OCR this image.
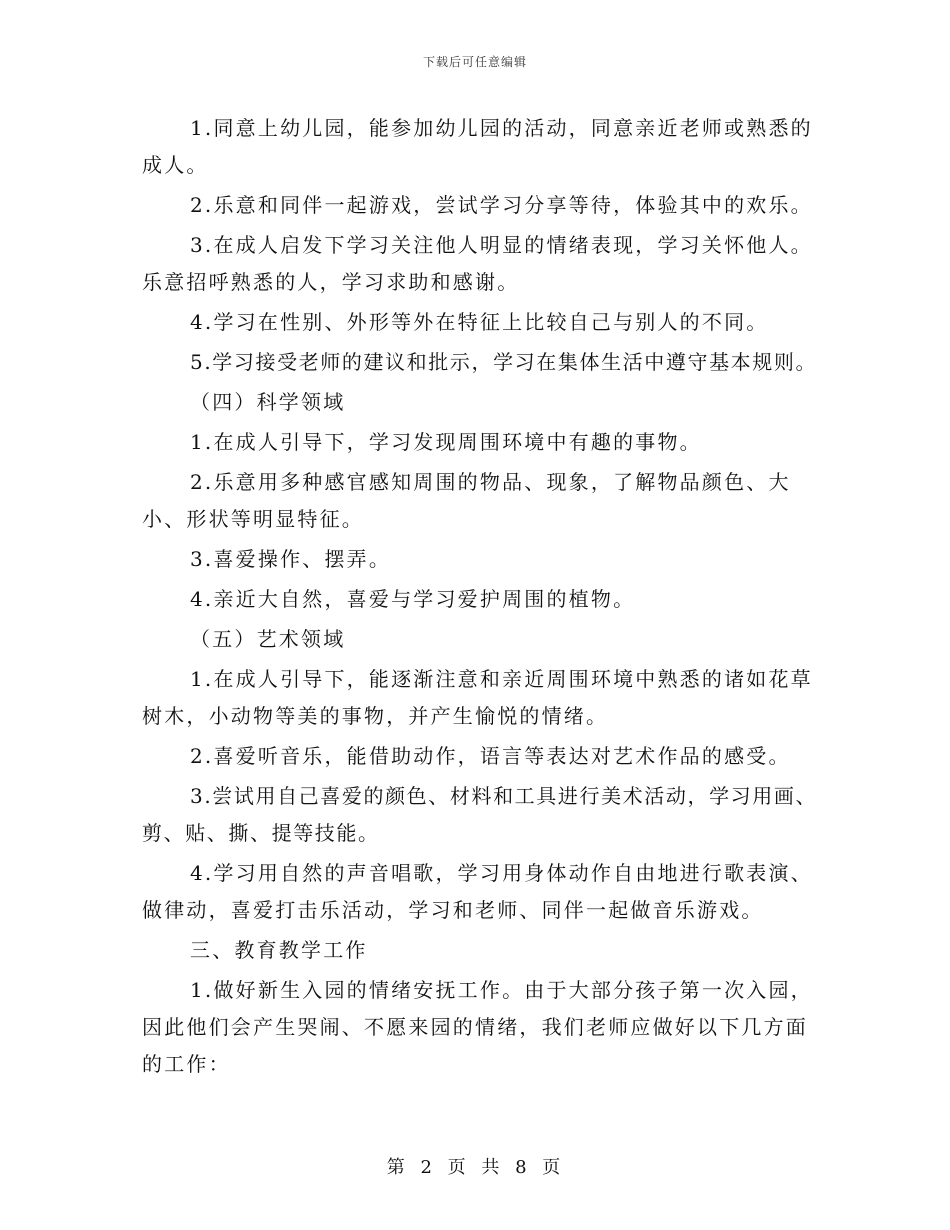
下载后可任意编辑

1.同意上幼儿园，能参加幼儿园的活动，同意亲近老师或熟悉的成人。

2.乐意和同伴一起游戏，尝试学习分享等待，体验其中的欢乐。

3.在成人启发下学习关注他人明显的情绪表现，学习关怀他人。乐意招呼熟悉的人，学习求助和感谢。

4.学习在性别、外形等外在特征上比较自己与别人的不同。

5.学习接受老师的建议和批示，学习在集体生活中遵守基本规则。

（四）科学领域

1.在成人引导下，学习发现周围环境中有趣的事物。

2.乐意用多种感官感知周围的物品、现象，了解物品颜色、大小、形状等明显特征。

3.喜爱操作、摆弄。

4.亲近大自然，喜爱与学习爱护周围的植物。

（五）艺术领域

1.在成人引导下，能逐渐注意和亲近周围环境中熟悉的诸如花草树木，小动物等美的事物，并产生愉悦的情绪。

2.喜爱听音乐，能借助动作，语言等表达对艺术作品的感受。

3.尝试用自己喜爱的颜色、材料和工具进行美术活动，学习用画、剪、贴、撕、提等技能。

4.学习用自然的声音唱歌，学习用身体动作自由地进行歌表演、做律动，喜爱打击乐活动，学习和老师、同伴一起做音乐游戏。

三、教育教学工作

1.做好新生入园的情绪安抚工作。由于大部分孩子第一次入园，因此他们会产生哭闹、不愿来园的情绪，我们老师应做好以下几方面的工作：

第 2 页 共 8 页
